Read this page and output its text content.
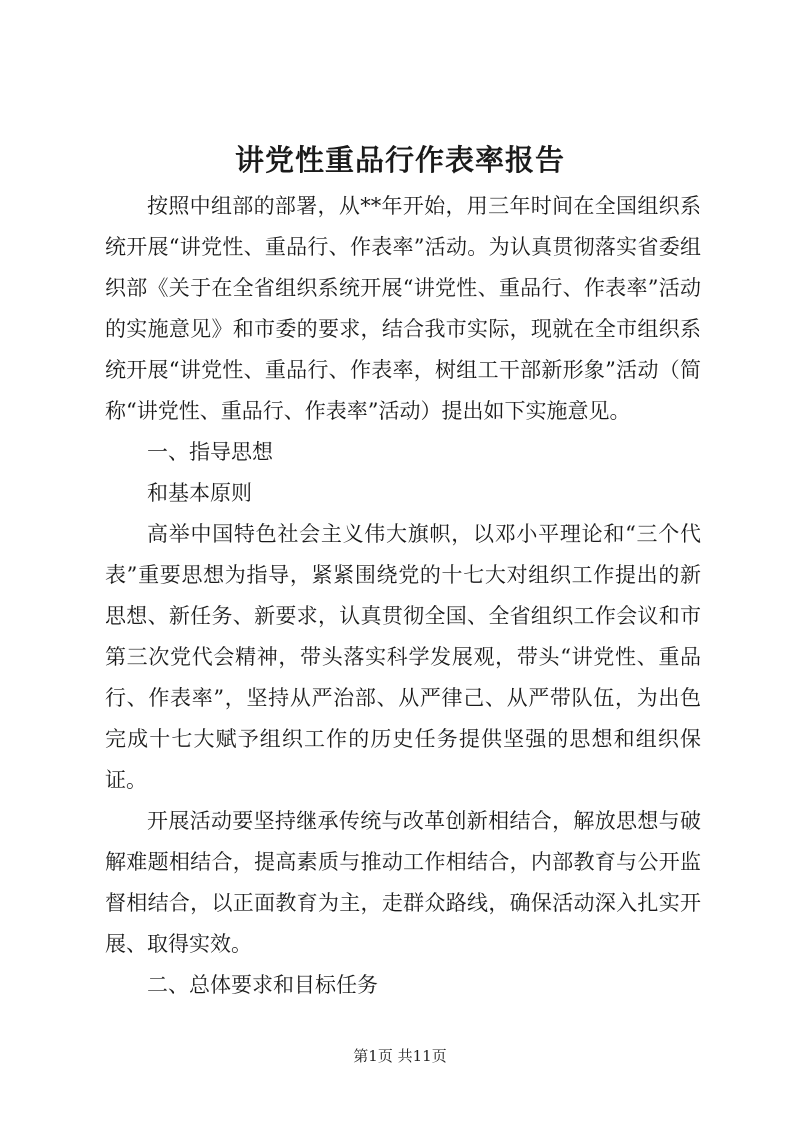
讲党性重品行作表率报告

按照中组部的部署，从**年开始，用三年时间在全国组织系统开展“讲党性、重品行、作表率”活动。为认真贯彻落实省委组织部《关于在全省组织系统开展“讲党性、重品行、作表率”活动的实施意见》和市委的要求，结合我市实际，现就在全市组织系统开展“讲党性、重品行、作表率，树组工干部新形象”活动（简称“讲党性、重品行、作表率”活动）提出如下实施意见。

一、指导思想

和基本原则

高举中国特色社会主义伟大旗帜，以邓小平理论和“三个代表”重要思想为指导，紧紧围绕党的十七大对组织工作提出的新思想、新任务、新要求，认真贯彻全国、全省组织工作会议和市第三次党代会精神，带头落实科学发展观，带头“讲党性、重品行、作表率”，坚持从严治部、从严律己、从严带队伍，为出色完成十七大赋予组织工作的历史任务提供坚强的思想和组织保证。

开展活动要坚持继承传统与改革创新相结合，解放思想与破解难题相结合，提高素质与推动工作相结合，内部教育与公开监督相结合，以正面教育为主，走群众路线，确保活动深入扎实开展、取得实效。

二、总体要求和目标任务

第1页 共11页
